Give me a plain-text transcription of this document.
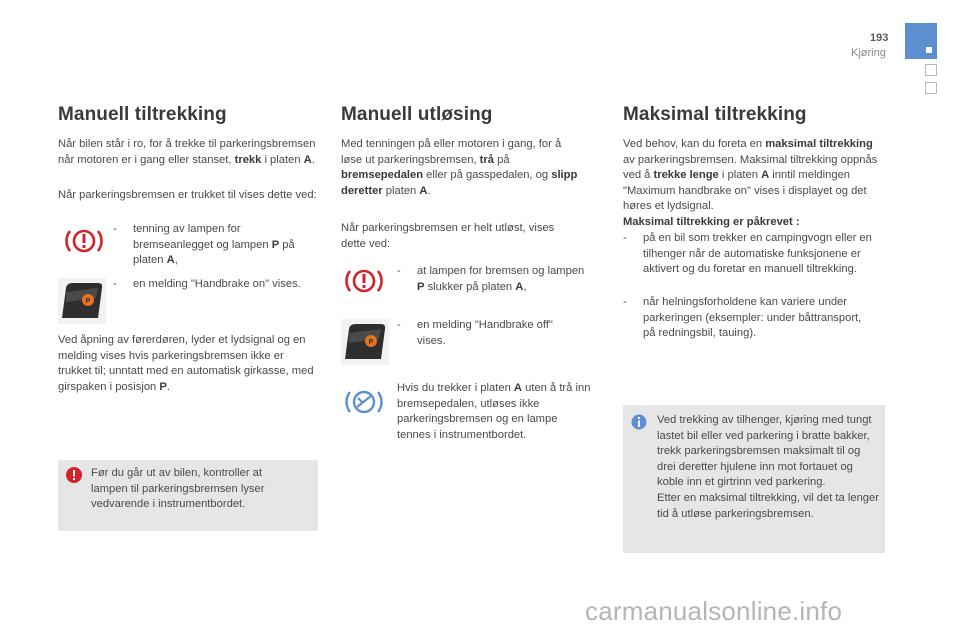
193
Kjøring
Manuell tiltrekking

Når bilen står i ro, for å trekke til parkeringsbremsen når motoren er i gang eller stanset, trekk i platen A.

Når parkeringsbremsen er trukket til vises dette ved:

- tenning av lampen for bremseanlegget og lampen P på platen A,
P
- en melding "Handbrake on" vises.

Ved åpning av førerdøren, lyder et lydsignal og en melding vises hvis parkeringsbremsen ikke er trukket til; unntatt med en automatisk girkasse, med girspaken i posisjon P.

Før du går ut av bilen, kontroller at lampen til parkeringsbremsen lyser vedvarende i instrumentbordet.

Manuell utløsing

Med tenningen på eller motoren i gang, for å løse ut parkeringsbremsen, trå på bremsepedalen eller på gasspedalen, og slipp deretter platen A.

Når parkeringsbremsen er helt utløst, vises dette ved:

- at lampen for bremsen og lampen P slukker på platen A,
P
- en melding "Handbrake off" vises.

Hvis du trekker i platen A uten å trå inn bremsepedalen, utløses ikke parkeringsbremsen og en lampe tennes i instrumentbordet.

Maksimal tiltrekking

Ved behov, kan du foreta en maksimal tiltrekking av parkeringsbremsen. Maksimal tiltrekking oppnås ved å trekke lenge i platen A inntil meldingen "Maximum handbrake on" vises i displayet og det høres et lydsignal.

Maksimal tiltrekking er påkrevet :

- på en bil som trekker en campingvogn eller en tilhenger når de automatiske funksjonene er aktivert og du foretar en manuell tiltrekking.
- når helningsforholdene kan variere under parkeringen (eksempler: under båttransport, på redningsbil, tauing).

Ved trekking av tilhenger, kjøring med tungt lastet bil eller ved parkering i bratte bakker, trekk parkeringsbremsen maksimalt til og drei deretter hjulene inn mot fortauet og koble inn et girtrinn ved parkering.
Etter en maksimal tiltrekking, vil det ta lenger tid å utløse parkeringsbremsen.

carmanualsonline.info
